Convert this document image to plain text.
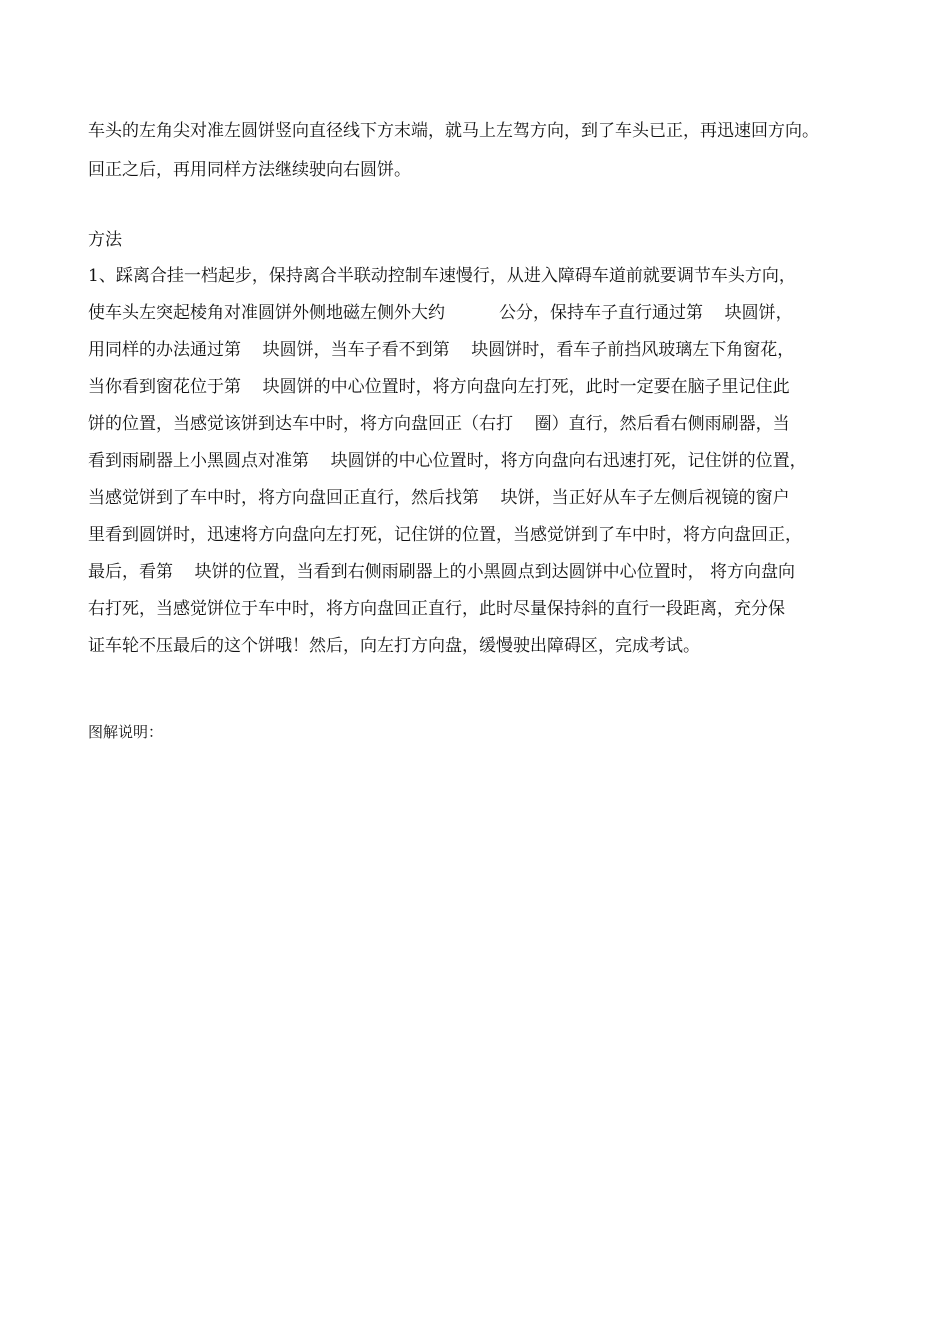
车头的左角尖对准左圆饼竖向直径线下方末端，就马上左驾方向，到了车头已正，再迅速回方向。
回正之后，再用同样方法继续驶向右圆饼。
方法
1、踩离合挂一档起步，保持离合半联动控制车速慢行，从进入障碍车道前就要调节车头方向，
使车头左突起棱角对准圆饼外侧地磁左侧外大约          公分，保持车子直行通过第    块圆饼，
用同样的办法通过第    块圆饼，当车子看不到第    块圆饼时，看车子前挡风玻璃左下角窗花，
当你看到窗花位于第    块圆饼的中心位置时，将方向盘向左打死，此时一定要在脑子里记住此
饼的位置，当感觉该饼到达车中时，将方向盘回正（右打    圈）直行，然后看右侧雨刷器，当
看到雨刷器上小黑圆点对准第    块圆饼的中心位置时，将方向盘向右迅速打死，记住饼的位置，
当感觉饼到了车中时，将方向盘回正直行，然后找第    块饼，当正好从车子左侧后视镜的窗户
里看到圆饼时，迅速将方向盘向左打死，记住饼的位置，当感觉饼到了车中时，将方向盘回正，
最后，看第    块饼的位置，当看到右侧雨刷器上的小黑圆点到达圆饼中心位置时， 将方向盘向
右打死，当感觉饼位于车中时，将方向盘回正直行，此时尽量保持斜的直行一段距离，充分保
证车轮不压最后的这个饼哦！然后，向左打方向盘，缓慢驶出障碍区，完成考试。
图解说明：
